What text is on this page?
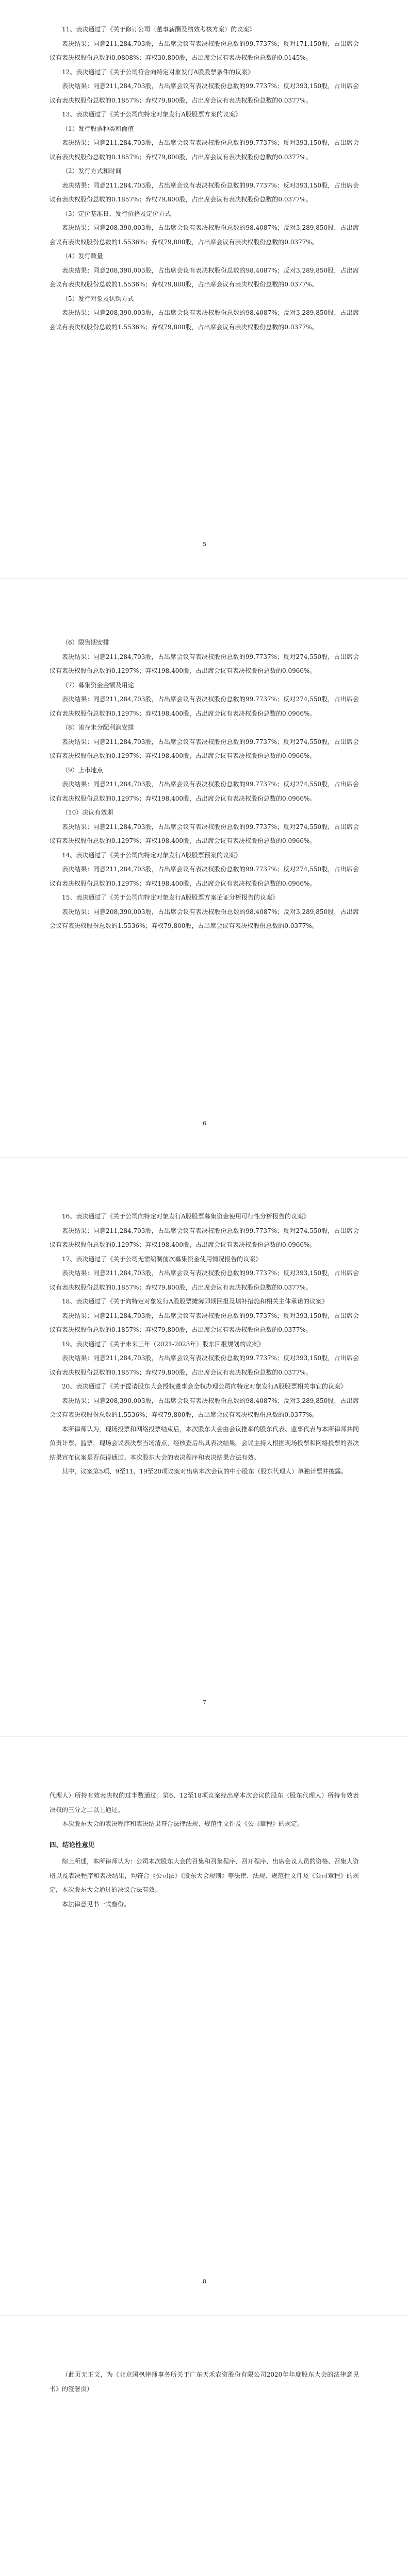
11、表决通过了《关于修订公司〈董事薪酬及绩效考核方案〉的议案》

表决结果：同意211,284,703股，占出席会议有表决权股份总数的99.7737%；反对171,150股，占出席会议有表决权股份总数的0.0808%；弃权30,800股，占出席会议有表决权股份总数的0.0145%。

12、表决通过了《关于公司符合向特定对象发行A股股票条件的议案》

表决结果：同意211,284,703股，占出席会议有表决权股份总数的99.7737%；反对393,150股，占出席会议有表决权股份总数的0.1857%；弃权79,800股，占出席会议有表决权股份总数的0.0377%。

13、表决通过了《关于公司向特定对象发行A股股票方案的议案》

（1）发行股票种类和面值

表决结果：同意211,284,703股，占出席会议有表决权股份总数的99.7737%；反对393,150股，占出席会议有表决权股份总数的0.1857%；弃权79,800股，占出席会议有表决权股份总数的0.0377%。

（2）发行方式和时间

表决结果：同意211,284,703股，占出席会议有表决权股份总数的99.7737%；反对393,150股，占出席会议有表决权股份总数的0.1857%；弃权79,800股，占出席会议有表决权股份总数的0.0377%。

（3）定价基准日、发行价格及定价方式

表决结果：同意208,390,003股，占出席会议有表决权股份总数的98.4087%；反对3,289,850股，占出席会议有表决权股份总数的1.5536%；弃权79,800股，占出席会议有表决权股份总数的0.0377%。

（4）发行数量

表决结果：同意208,390,003股，占出席会议有表决权股份总数的98.4087%；反对3,289,850股，占出席会议有表决权股份总数的1.5536%；弃权79,800股，占出席会议有表决权股份总数的0.0377%。

（5）发行对象及认购方式

表决结果：同意208,390,003股，占出席会议有表决权股份总数的98.4087%；反对3,289,850股，占出席会议有表决权股份总数的1.5536%；弃权79,800股，占出席会议有表决权股份总数的0.0377%。

5

（6）限售期安排

表决结果：同意211,284,703股，占出席会议有表决权股份总数的99.7737%；反对274,550股，占出席会议有表决权股份总数的0.1297%；弃权198,400股，占出席会议有表决权股份总数的0.0966%。

（7）募集资金金额及用途

表决结果：同意211,284,703股，占出席会议有表决权股份总数的99.7737%；反对274,550股，占出席会议有表决权股份总数的0.1297%；弃权198,400股，占出席会议有表决权股份总数的0.0966%。

（8）滚存未分配利润安排

表决结果：同意211,284,703股，占出席会议有表决权股份总数的99.7737%；反对274,550股，占出席会议有表决权股份总数的0.1297%；弃权198,400股，占出席会议有表决权股份总数的0.0966%。

（9）上市地点

表决结果：同意211,284,703股，占出席会议有表决权股份总数的99.7737%；反对274,550股，占出席会议有表决权股份总数的0.1297%；弃权198,400股，占出席会议有表决权股份总数的0.0966%。

（10）决议有效期

表决结果：同意211,284,703股，占出席会议有表决权股份总数的99.7737%；反对274,550股，占出席会议有表决权股份总数的0.1297%；弃权198,400股，占出席会议有表决权股份总数的0.0966%。

14、表决通过了《关于公司向特定对象发行A股股票预案的议案》

表决结果：同意211,284,703股，占出席会议有表决权股份总数的99.7737%；反对274,550股，占出席会议有表决权股份总数的0.1297%；弃权198,400股，占出席会议有表决权股份总数的0.0966%。

15、表决通过了《关于公司向特定对象发行A股股票方案论证分析报告的议案》

表决结果：同意208,390,003股，占出席会议有表决权股份总数的98.4087%；反对3,289,850股，占出席会议有表决权股份总数的1.5536%；弃权79,800股，占出席会议有表决权股份总数的0.0377%。

6

16、表决通过了《关于公司向特定对象发行A股股票募集资金使用可行性分析报告的议案》

表决结果：同意211,284,703股，占出席会议有表决权股份总数的99.7737%；反对274,550股，占出席会议有表决权股份总数的0.1297%；弃权198,400股，占出席会议有表决权股份总数的0.0966%。

17、表决通过了《关于公司无需编制前次募集资金使用情况报告的议案》

表决结果：同意211,284,703股，占出席会议有表决权股份总数的99.7737%；反对393,150股，占出席会议有表决权股份总数的0.1857%；弃权79,800股，占出席会议有表决权股份总数的0.0377%。

18、表决通过了《关于向特定对象发行A股股票摊薄即期回报及填补措施和相关主体承诺的议案》

表决结果：同意211,284,703股，占出席会议有表决权股份总数的99.7737%；反对393,150股，占出席会议有表决权股份总数的0.1857%；弃权79,800股，占出席会议有表决权股份总数的0.0377%。

19、表决通过了《关于未来三年（2021-2023年）股东回报规划的议案》

表决结果：同意211,284,703股，占出席会议有表决权股份总数的99.7737%；反对393,150股，占出席会议有表决权股份总数的0.1857%；弃权79,800股，占出席会议有表决权股份总数的0.0377%。

20、表决通过了《关于提请股东大会授权董事会全权办理公司向特定对象发行A股股票相关事宜的议案》

表决结果：同意208,390,003股，占出席会议有表决权股份总数的98.4087%；反对3,289,850股，占出席会议有表决权股份总数的1.5536%；弃权79,800股，占出席会议有表决权股份总数的0.0377%。

本所律师认为，现场投票和网络投票结束后，本次股东大会由会议推举的股东代表、监事代表与本所律师共同负责计票、监票，现场会议表决票当场清点，经核查后出具表决结果。会议主持人根据现场投票和网络投票的表决结果宣布议案是否获得通过。本次股东大会的表决程序和表决结果合法有效。

其中，议案第5项、9至11、19至20项议案对出席本次会议的中小股东（股东代理人）单独计票并披露。

7

代理人）所持有效表决权的过半数通过；第6、12至18项议案经出席本次会议的股东（股东代理人）所持有效表决权的三分之二以上通过。

本次股东大会的表决程序和表决结果符合法律法规、规范性文件及《公司章程》的规定。

四、结论性意见

综上所述，本所律师认为：公司本次股东大会的召集和召集程序、召开程序、出席会议人员的资格、召集人资格以及表决程序和表决结果，均符合《公司法》《股东大会规则》等法律、法规、规范性文件及《公司章程》的规定，本次股东大会通过的决议合法有效。

本法律意见书一式叁份。

8

（此页无正文，为《北京国枫律师事务所关于广东天禾农资股份有限公司2020年年度股东大会的法律意见书》的签署页）
